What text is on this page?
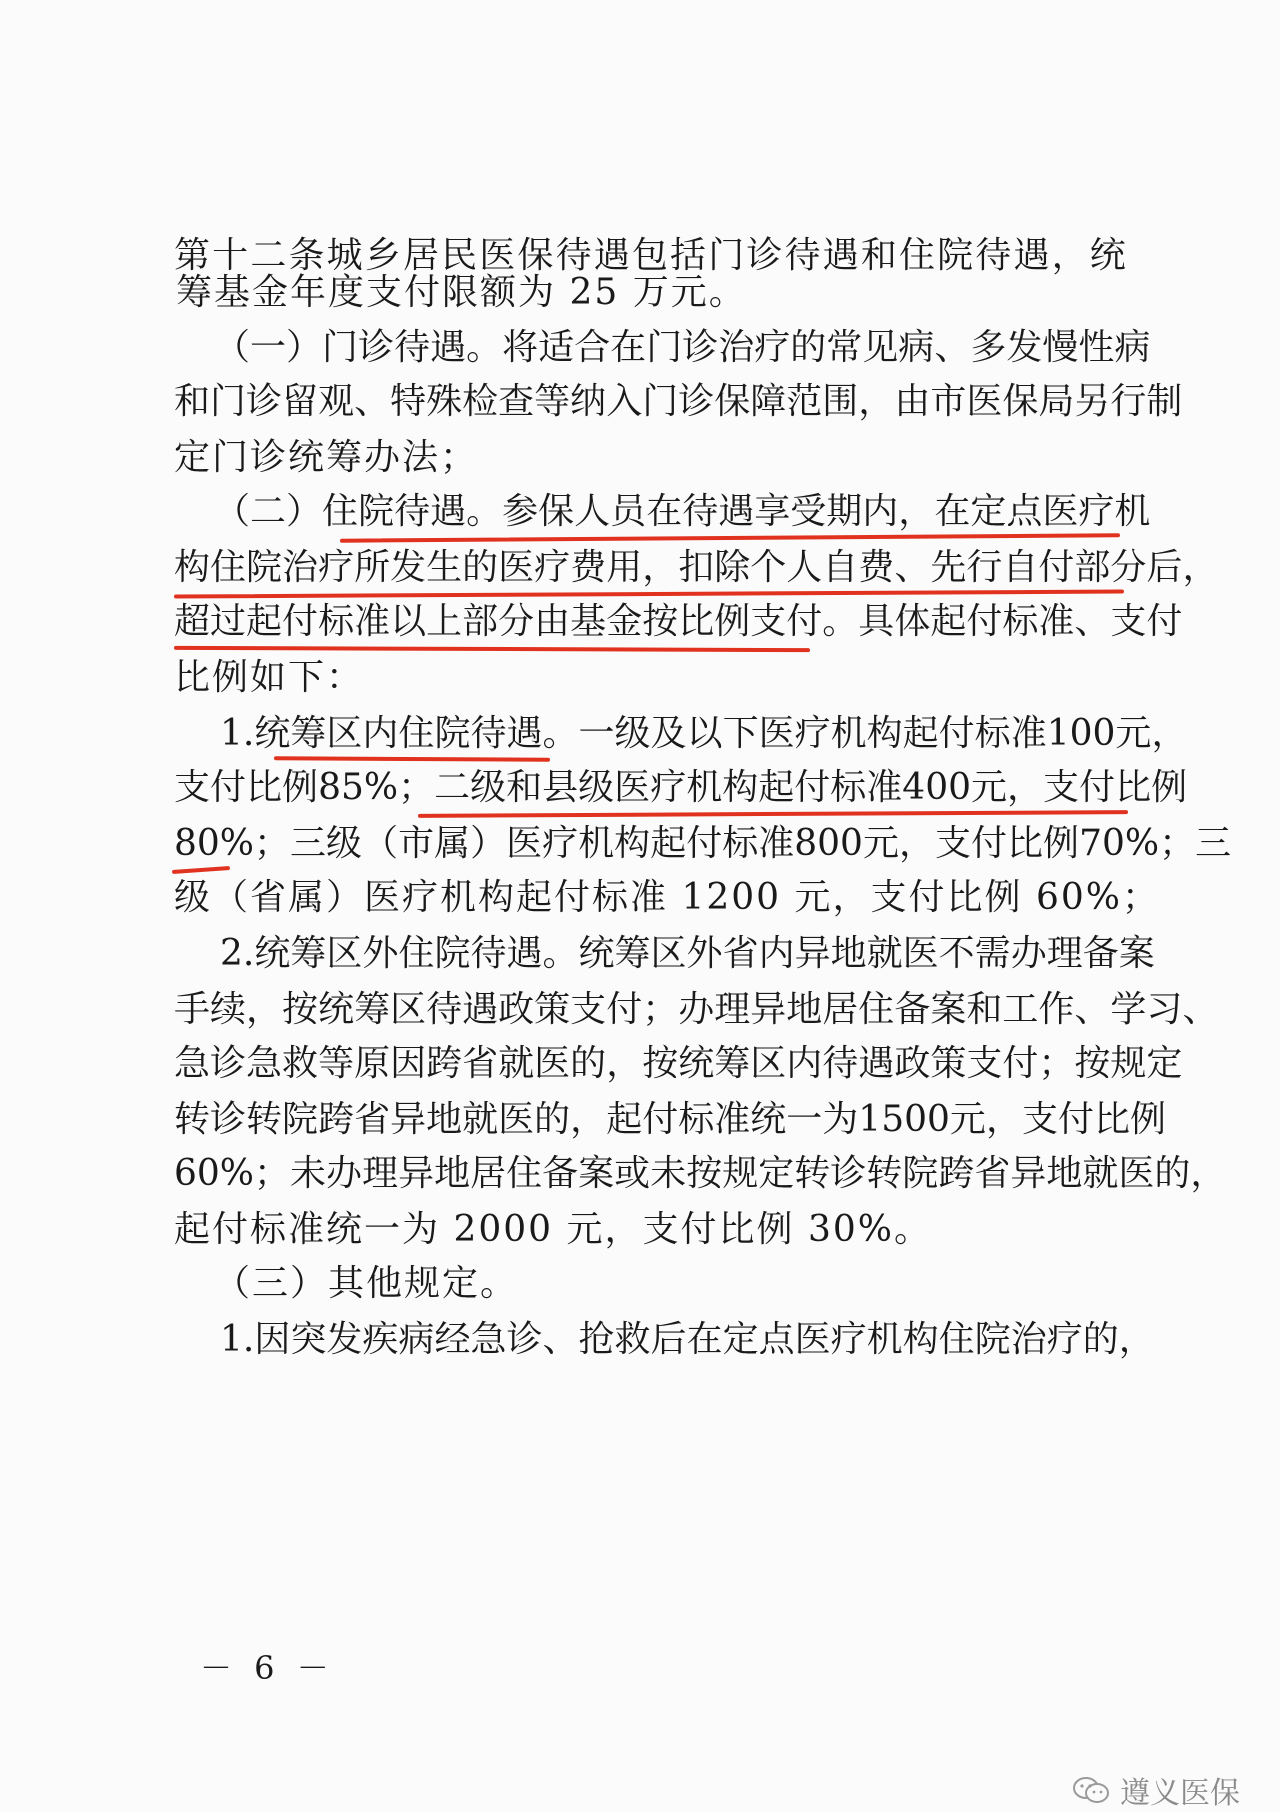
第 十 二 条 城 乡 居 民 医 保 待 遇 包 括 门 诊 待 遇 和 住 院 待 遇 ， 统
筹基金年度支付限额为 25 万元。
（ 一 ） 门 诊 待 遇 。 将 适 合 在 门 诊 治 疗 的 常 见 病 、 多 发 慢 性 病
和 门 诊 留 观 、 特 殊 检 查 等 纳 入 门 诊 保 障 范 围 ， 由 市 医 保 局 另 行 制
定门诊统筹办法；
（ 二 ） 住 院 待 遇 。 参 保 人 员 在 待 遇 享 受 期 内 ， 在 定 点 医 疗 机
构 住 院 治 疗 所 发 生 的 医 疗 费 用 ， 扣 除 个 人 自 费 、 先 行 自 付 部 分 后 ，
超 过 起 付 标 准 以 上 部 分 由 基 金 按 比 例 支 付 。 具 体 起 付 标 准 、 支 付
比例如下：
1. 统 筹 区 内 住 院 待 遇 。 一 级 及 以 下 医 疗 机 构 起 付 标 准 100 元 ，
支 付 比 例 85% ； 二 级 和 县 级 医 疗 机 构 起 付 标 准 400 元 ， 支 付 比 例
80% ； 三 级 （ 市 属 ） 医 疗 机 构 起 付 标 准 800 元 ， 支 付 比 例 70% ； 三
级（省属）医疗机构起付标准 1200 元，支付比例 60%；
2. 统 筹 区 外 住 院 待 遇 。 统 筹 区 外 省 内 异 地 就 医 不 需 办 理 备 案
手 续 ， 按 统 筹 区 待 遇 政 策 支 付 ； 办 理 异 地 居 住 备 案 和 工 作 、 学 习 、
急 诊 急 救 等 原 因 跨 省 就 医 的 ， 按 统 筹 区 内 待 遇 政 策 支 付 ； 按 规 定
转 诊 转 院 跨 省 异 地 就 医 的 ， 起 付 标 准 统 一 为 1500 元 ， 支 付 比 例
60% ； 未 办 理 异 地 居 住 备 案 或 未 按 规 定 转 诊 转 院 跨 省 异 地 就 医 的 ，
起付标准统一为 2000 元，支付比例 30%。
（三）其他规定。
1. 因 突 发 疾 病 经 急 诊 、 抢 救 后 在 定 点 医 疗 机 构 住 院 治 疗 的 ，
－ 6 －
遵义医保
